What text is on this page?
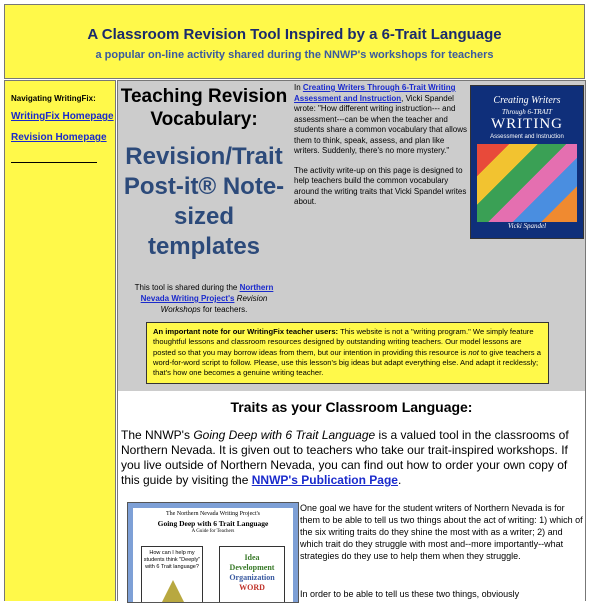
A Classroom Revision Tool Inspired by a 6-Trait Language
a popular on-line activity shared during the NNWP's workshops for teachers
Navigating WritingFix:
WritingFix Homepage
Revision Homepage
Teaching Revision Vocabulary:
Revision/Trait Post-it® Note-sized templates
This tool is shared during the Northern Nevada Writing Project's Revision Workshops for teachers.

In Creating Writers Through 6-Trait Writing Assessment and Instruction, Vicki Spandel wrote: "How different writing instruction--- and assessment---can be when the teacher and students share a common vocabulary that allows them to think, speak, assess, and plan like writers. Suddenly, there's no more mystery."

The activity write-up on this page is designed to help teachers build the common vocabulary around the writing traits that Vicki Spandel writes about.

Creating Writers
Through 6-TRAIT
WRITING
Assessment and Instruction
Vicki Spandel
An important note for our WritingFix teacher users: This website is not a "writing program." We simply feature thoughtful lessons and classroom resources designed by outstanding writing teachers. Our model lessons are posted so that you may borrow ideas from them, but our intention in providing this resource is not to give teachers a word-for-word script to follow. Please, use this lesson's big ideas but adapt everything else. And adapt it recklessly; that's how one becomes a genuine writing teacher.
Traits as your Classroom Language:
The NNWP's Going Deep with 6 Trait Language is a valued tool in the classrooms of Northern Nevada. It is given out to teachers who take our trait-inspired workshops. If you live outside of Northern Nevada, you can find out how to order your own copy of this guide by visiting the NNWP's Publication Page.
The Northern Nevada Writing Project's
Going Deep with 6 Trait Language
A Guide for Teachers
How can I help my students think "Deeply" with 6 Trait language?
Idea
Development
Organization
WORD
One goal we have for the student writers of Northern Nevada is for them to be able to tell us two things about the act of writing: 1) which of the six writing traits do they shine the most with as a writer; 2) and which trait do they struggle with most and--more importantly--what strategies do they use to help them when they struggle.
In order to be able to tell us these two things, obviously
